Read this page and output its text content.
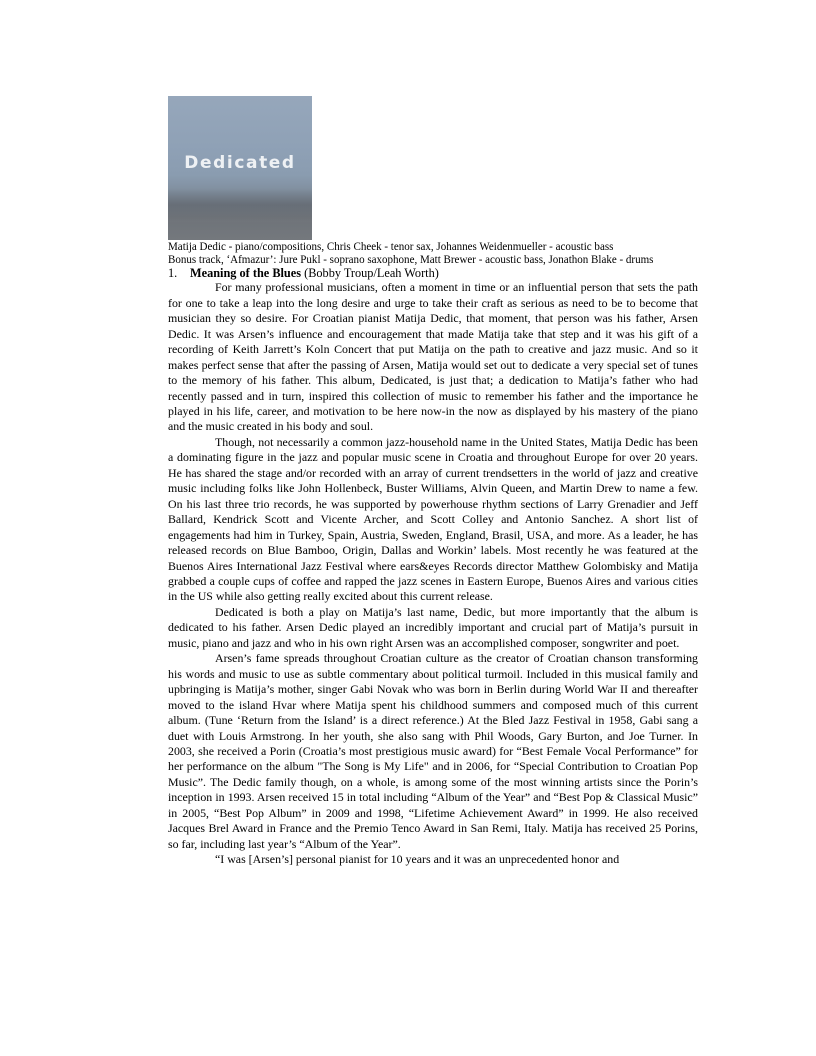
Dedicated
Matija Dedic - piano/compositions, Chris Cheek - tenor sax, Johannes Weidenmueller - acoustic bass
Bonus track, ‘Afmazur’: Jure Pukl - soprano saxophone, Matt Brewer - acoustic bass, Jonathon Blake - drums
1. Meaning of the Blues (Bobby Troup/Leah Worth)

For many professional musicians, often a moment in time or an influential person that sets the path for one to take a leap into the long desire and urge to take their craft as serious as need to be to become that musician they so desire. For Croatian pianist Matija Dedic, that moment, that person was his father, Arsen Dedic. It was Arsen’s influence and encouragement that made Matija take that step and it was his gift of a recording of Keith Jarrett’s Koln Concert that put Matija on the path to creative and jazz music. And so it makes perfect sense that after the passing of Arsen, Matija would set out to dedicate a very special set of tunes to the memory of his father. This album, Dedicated, is just that; a dedication to Matija’s father who had recently passed and in turn, inspired this collection of music to remember his father and the importance he played in his life, career, and motivation to be here now-in the now as displayed by his mastery of the piano and the music created in his body and soul.

Though, not necessarily a common jazz-household name in the United States, Matija Dedic has been a dominating figure in the jazz and popular music scene in Croatia and throughout Europe for over 20 years. He has shared the stage and/or recorded with an array of current trendsetters in the world of jazz and creative music including folks like John Hollenbeck, Buster Williams, Alvin Queen, and Martin Drew to name a few. On his last three trio records, he was supported by powerhouse rhythm sections of Larry Grenadier and Jeff Ballard, Kendrick Scott and Vicente Archer, and Scott Colley and Antonio Sanchez. A short list of engagements had him in Turkey, Spain, Austria, Sweden, England, Brasil, USA, and more. As a leader, he has released records on Blue Bamboo, Origin, Dallas and Workin’ labels. Most recently he was featured at the Buenos Aires International Jazz Festival where ears&eyes Records director Matthew Golombisky and Matija grabbed a couple cups of coffee and rapped the jazz scenes in Eastern Europe, Buenos Aires and various cities in the US while also getting really excited about this current release.

Dedicated is both a play on Matija’s last name, Dedic, but more importantly that the album is dedicated to his father. Arsen Dedic played an incredibly important and crucial part of Matija’s pursuit in music, piano and jazz and who in his own right Arsen was an accomplished composer, songwriter and poet.

Arsen’s fame spreads throughout Croatian culture as the creator of Croatian chanson transforming his words and music to use as subtle commentary about political turmoil. Included in this musical family and upbringing is Matija’s mother, singer Gabi Novak who was born in Berlin during World War II and thereafter moved to the island Hvar where Matija spent his childhood summers and composed much of this current album. (Tune ‘Return from the Island’ is a direct reference.) At the Bled Jazz Festival in 1958, Gabi sang a duet with Louis Armstrong. In her youth, she also sang with Phil Woods, Gary Burton, and Joe Turner. In 2003, she received a Porin (Croatia’s most prestigious music award) for “Best Female Vocal Performance” for her performance on the album "The Song is My Life" and in 2006, for “Special Contribution to Croatian Pop Music”. The Dedic family though, on a whole, is among some of the most winning artists since the Porin’s inception in 1993. Arsen received 15 in total including “Album of the Year” and “Best Pop & Classical Music” in 2005, “Best Pop Album” in 2009 and 1998, “Lifetime Achievement Award” in 1999. He also received Jacques Brel Award in France and the Premio Tenco Award in San Remi, Italy. Matija has received 25 Porins, so far, including last year’s “Album of the Year”.

“I was [Arsen’s] personal pianist for 10 years and it was an unprecedented honor and
